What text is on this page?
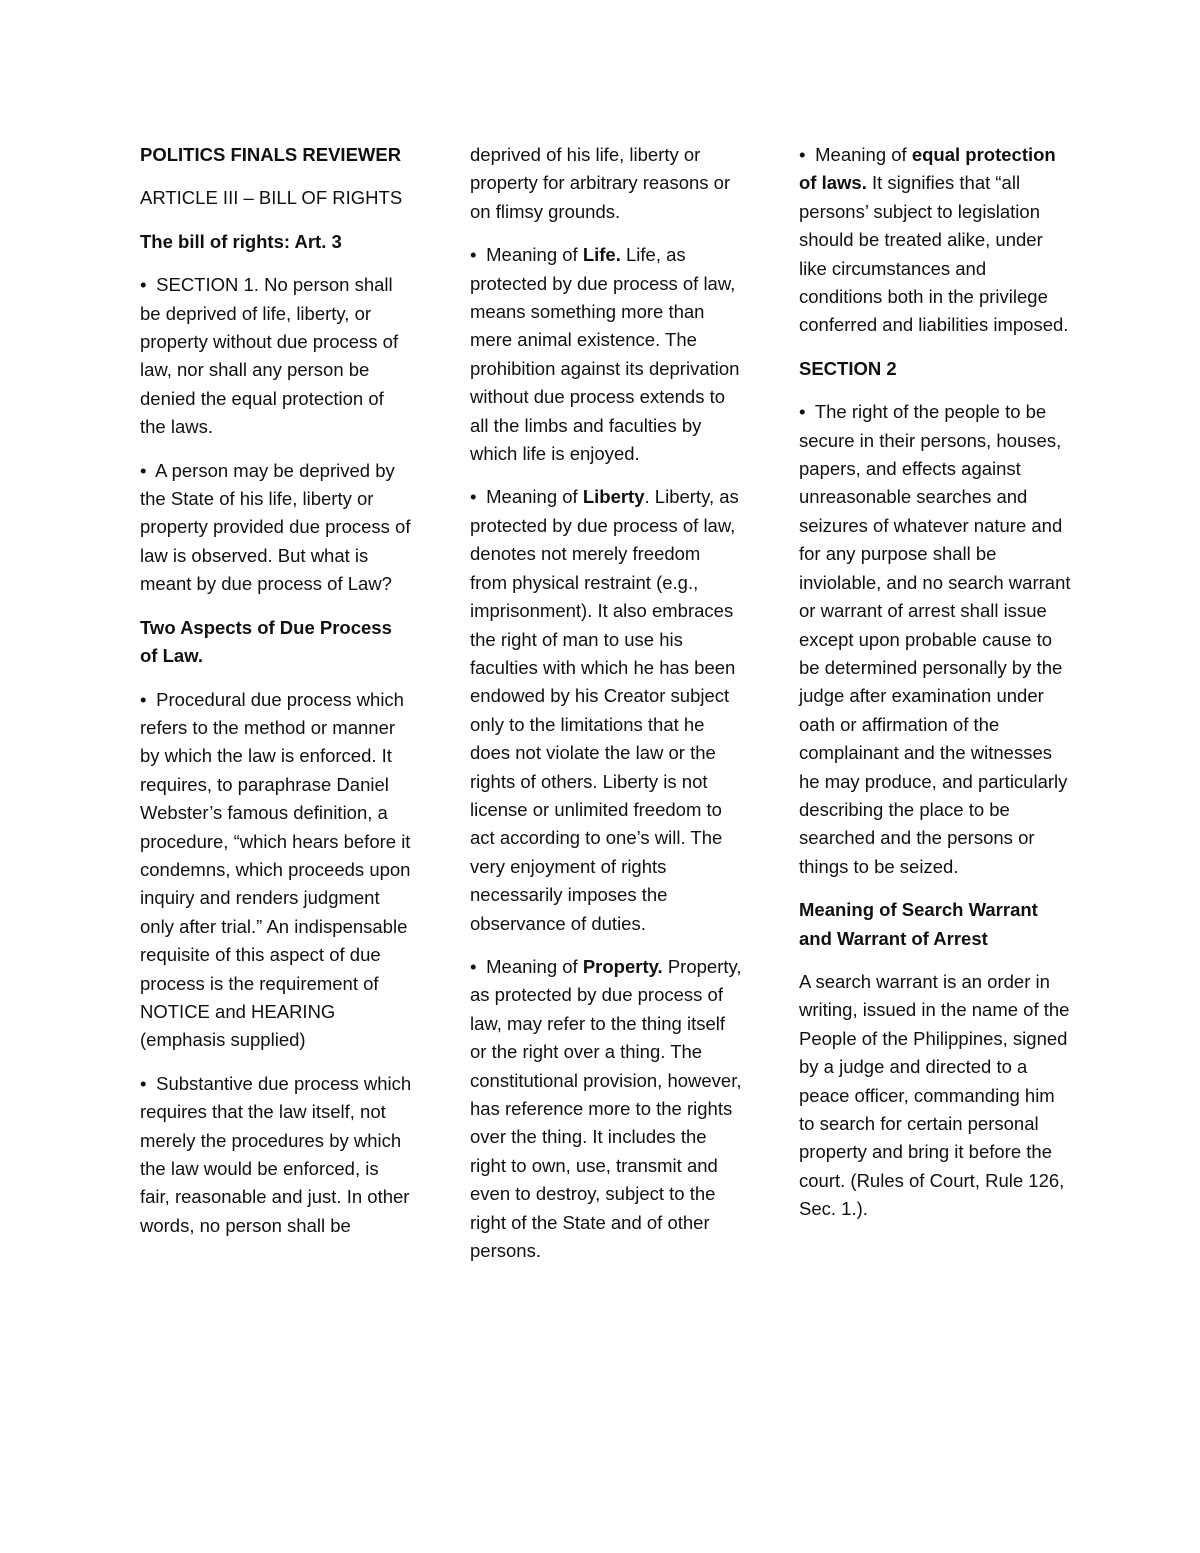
POLITICS FINALS REVIEWER

ARTICLE III – BILL OF RIGHTS

The bill of rights: Art. 3

• SECTION 1. No person shall be deprived of life, liberty, or property without due process of law, nor shall any person be denied the equal protection of the laws.

• A person may be deprived by the State of his life, liberty or property provided due process of law is observed. But what is meant by due process of Law?

Two Aspects of Due Process of Law.

• Procedural due process which refers to the method or manner by which the law is enforced. It requires, to paraphrase Daniel Webster’s famous definition, a procedure, “which hears before it condemns, which proceeds upon inquiry and renders judgment only after trial.” An indispensable requisite of this aspect of due process is the requirement of NOTICE and HEARING (emphasis supplied)

• Substantive due process which requires that the law itself, not merely the procedures by which the law would be enforced, is fair, reasonable and just. In other words, no person shall be

deprived of his life, liberty or property for arbitrary reasons or on flimsy grounds.

• Meaning of Life. Life, as protected by due process of law, means something more than mere animal existence. The prohibition against its deprivation without due process extends to all the limbs and faculties by which life is enjoyed.

• Meaning of Liberty. Liberty, as protected by due process of law, denotes not merely freedom from physical restraint (e.g., imprisonment). It also embraces the right of man to use his faculties with which he has been endowed by his Creator subject only to the limitations that he does not violate the law or the rights of others. Liberty is not license or unlimited freedom to act according to one’s will. The very enjoyment of rights necessarily imposes the observance of duties.

• Meaning of Property. Property, as protected by due process of law, may refer to the thing itself or the right over a thing. The constitutional provision, however, has reference more to the rights over the thing. It includes the right to own, use, transmit and even to destroy, subject to the right of the State and of other persons.

• Meaning of equal protection of laws. It signifies that “all persons’ subject to legislation should be treated alike, under like circumstances and conditions both in the privilege conferred and liabilities imposed.

SECTION 2

• The right of the people to be secure in their persons, houses, papers, and effects against unreasonable searches and seizures of whatever nature and for any purpose shall be inviolable, and no search warrant or warrant of arrest shall issue except upon probable cause to be determined personally by the judge after examination under oath or affirmation of the complainant and the witnesses he may produce, and particularly describing the place to be searched and the persons or things to be seized.

Meaning of Search Warrant and Warrant of Arrest

A search warrant is an order in writing, issued in the name of the People of the Philippines, signed by a judge and directed to a peace officer, commanding him to search for certain personal property and bring it before the court. (Rules of Court, Rule 126, Sec. 1.).
